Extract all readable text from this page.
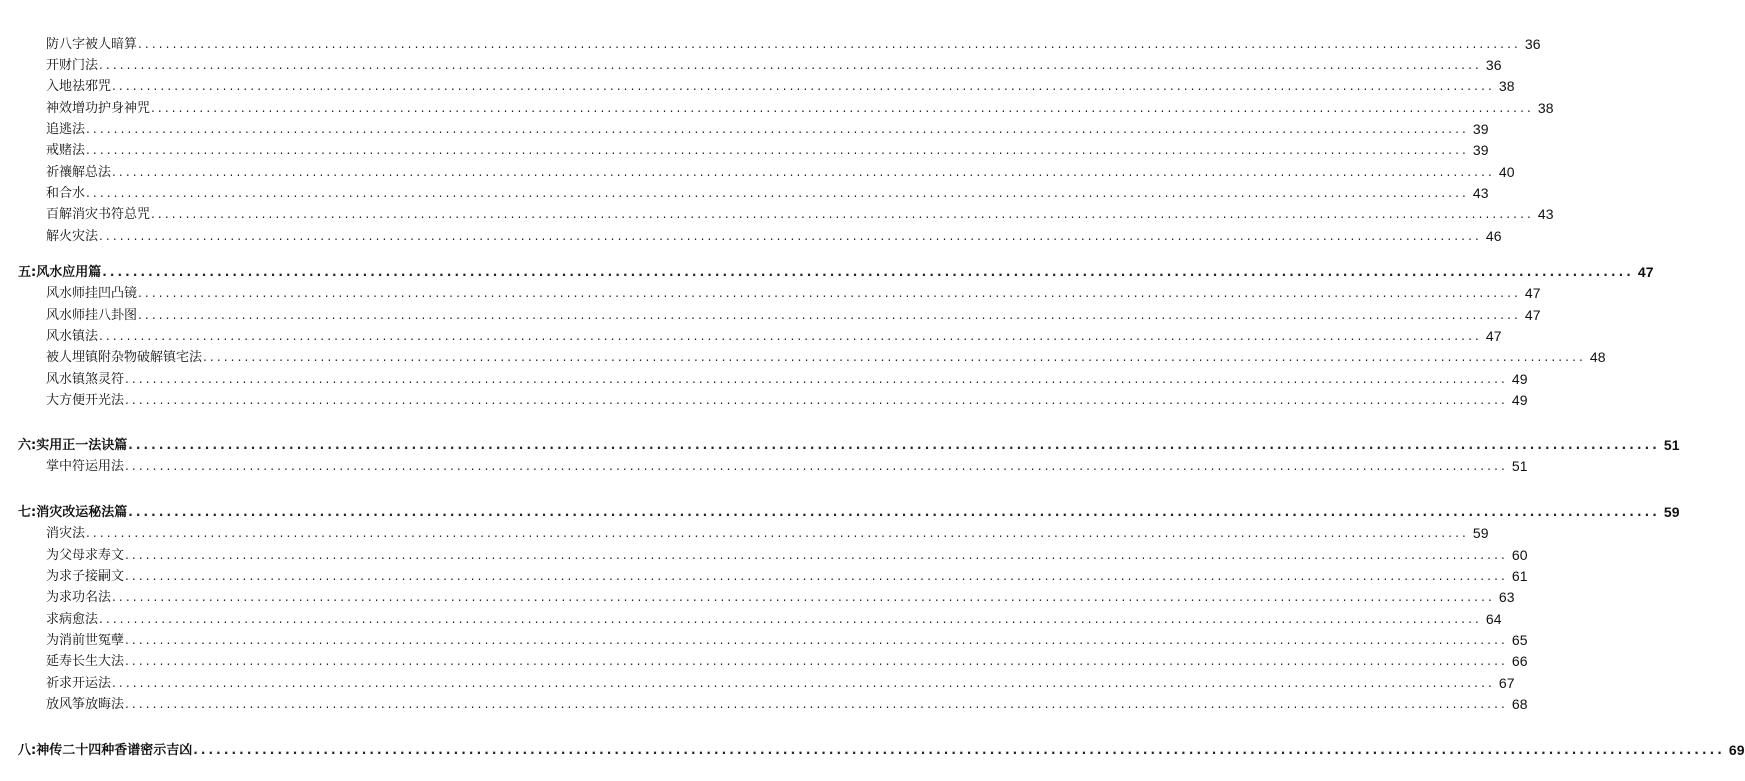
防八字被人暗算 ........................................................................................................................................................................................................ 36
开财门法 ........................................................................................................................................................................................................ 36
入地祛邪咒 ........................................................................................................................................................................................................ 38
神效增功护身神咒 ........................................................................................................................................................................................................ 38
追逃法 ........................................................................................................................................................................................................ 39
戒赌法 ........................................................................................................................................................................................................ 39
祈禳解总法 ........................................................................................................................................................................................................ 40
和合水 ........................................................................................................................................................................................................ 43
百解消灾书符总咒 ........................................................................................................................................................................................................ 43
解火灾法 ........................................................................................................................................................................................................ 46
五:风水应用篇 ........................................................................................................................................................................................................ 47
风水师挂凹凸镜 ........................................................................................................................................................................................................ 47
风水师挂八卦图 ........................................................................................................................................................................................................ 47
风水镇法 ........................................................................................................................................................................................................ 47
被人埋镇附杂物破解镇宅法 ........................................................................................................................................................................................................ 48
风水镇煞灵符 ........................................................................................................................................................................................................ 49
大方便开光法 ........................................................................................................................................................................................................ 49
六:实用正一法诀篇 ........................................................................................................................................................................................................ 51
掌中符运用法 ........................................................................................................................................................................................................ 51
七:消灾改运秘法篇 ........................................................................................................................................................................................................ 59
消灾法 ........................................................................................................................................................................................................ 59
为父母求寿文 ........................................................................................................................................................................................................ 60
为求子接嗣文 ........................................................................................................................................................................................................ 61
为求功名法 ........................................................................................................................................................................................................ 63
求病愈法 ........................................................................................................................................................................................................ 64
为消前世冤孽 ........................................................................................................................................................................................................ 65
延寿长生大法 ........................................................................................................................................................................................................ 66
祈求开运法 ........................................................................................................................................................................................................ 67
放风筝放晦法 ........................................................................................................................................................................................................ 68
八:神传二十四种香谱密示吉凶 ........................................................................................................................................................................................................ 69
